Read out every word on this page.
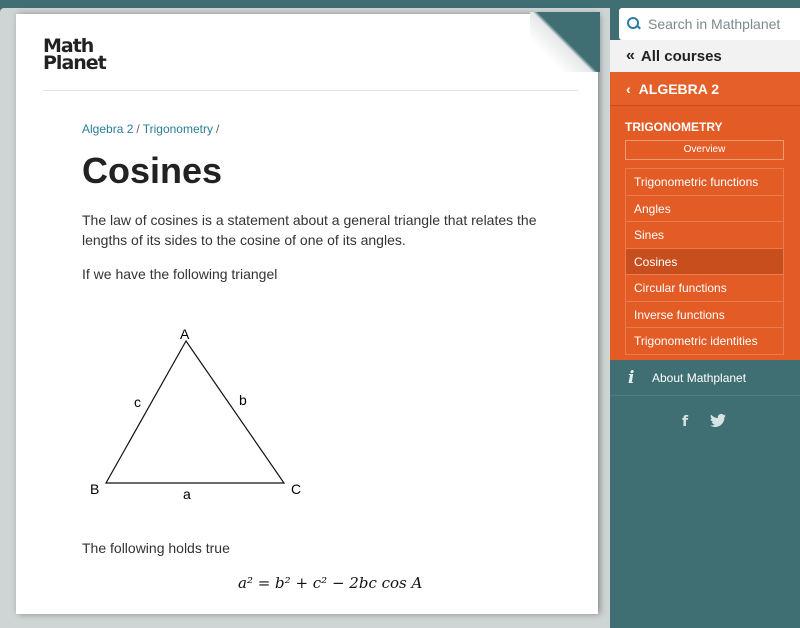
Math
Planet
Algebra 2 / Trigonometry /
Cosines

The law of cosines is a statement about a general triangle that relates the lengths of its sides to the cosine of one of its angles.

If we have the following triangel

A
B	C
a
b
c

The following holds true

a² = b² + c² − 2bc cos A
Search in Mathplanet
« All courses
‹ ALGEBRA 2
TRIGONOMETRY
Overview
Trigonometric functions
Angles
Sines
Cosines
Circular functions
Inverse functions
Trigonometric identities
i About Mathplanet
f
